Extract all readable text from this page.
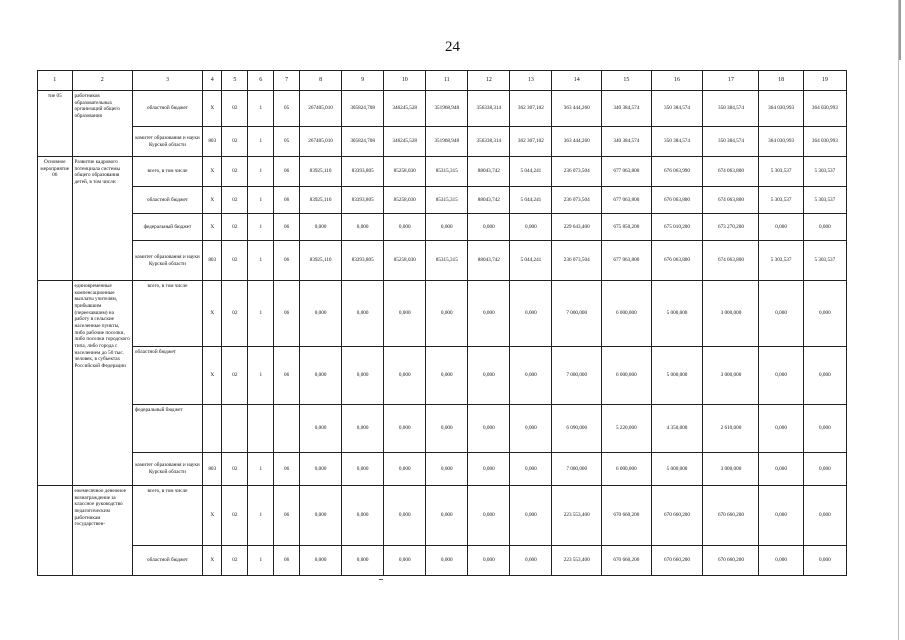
24
1	2	3	4	5	6	7	8	9	10	11	12	13	14	15	16	17	18	19
тие 05	работников образовательных организаций общего образования	областной бюджет	X	02	1	05	267405,010	305824,708	346245,528	351968,948	356338,314	362 307,102	363 444,260	340 384,574	350 384,574	350 384,574	364 030,993	364 030,993
		комитет образования и науки Курской области	803	02	1	05	267405,010	305824,708	346245,528	351968,948	356338,314	362 307,102	363 444,260	340 384,574	350 384,574	350 384,574	364 030,993	364 030,993
Основное мероприятие 06	Развитие кадрового потенциала системы общего образования детей, в том числе:	всего, в том числе	X	02	1	06	83925,110	83393,805	85258,030	85315,315	88043,742	5 044,241	236 073,504	677 063,800	676 063,990	674 063,800	5 303,537	5 303,537
		областной бюджет	X	02	1	06	83925,110	83393,805	85258,030	85315,315	88043,742	5 044,241	236 073,504	677 063,800	676 063,800	674 063,800	5 303,537	5 303,537
		федеральный бюджет	X	02	1	06	0,000	0,000	0,000	0,000	0,000	0,000	229 643,400	675 850,200	675 010,200	673 270,200	0,000	0,000
		комитет образования и науки Курской области	803	02	1	06	83925,110	83393,805	85258,030	85315,315	88043,742	5 044,241	236 073,504	677 063,800	676 063,800	674 063,800	5 303,537	5 303,537
	единовременные компенсационные выплаты учителям, прибывшим (переехавшим) на работу в сельские населенные пункты, либо рабочие поселки, либо поселки городского типа, либо города с населением до 50 тыс. человек, в субъектах Российской Федерации	всего, в том числе	X	02	1	06	0,000	0,000	0,000	0,000	0,000	0,000	7 000,000	6 000,000	5 000,000	3 000,000	0,000	0,000
		областной бюджет	X	02	1	06	0,000	0,000	0,000	0,000	0,000	0,000	7 000,000	6 000,000	5 000,000	3 000,000	0,000	0,000
		федеральный бюджет					0,000	0,000	0,000	0,000	0,000	0,000	6 090,000	5 220,000	4 350,000	2 610,000	0,000	0,000
		комитет образования и науки Курской области	803	02	1	06	0,000	0,000	0,000	0,000	0,000	0,000	7 000,000	6 000,000	5 000,000	3 000,000	0,000	0,000
	ежемесячное денежное вознаграждение за классное руководство педагогическим работникам государствен-	всего, в том числе	X	02	1	06	0,000	0,000	0,000	0,000	0,000	0,000	223 553,400	670 660,200	670 660,200	670 660,200	0,000	0,000
		областной бюджет	X	02	1	06	0,000	0,000	0,000	0,000	0,000	0,000	223 553,400	670 660,200	670 660,200	670 660,200	0,000	0,000
